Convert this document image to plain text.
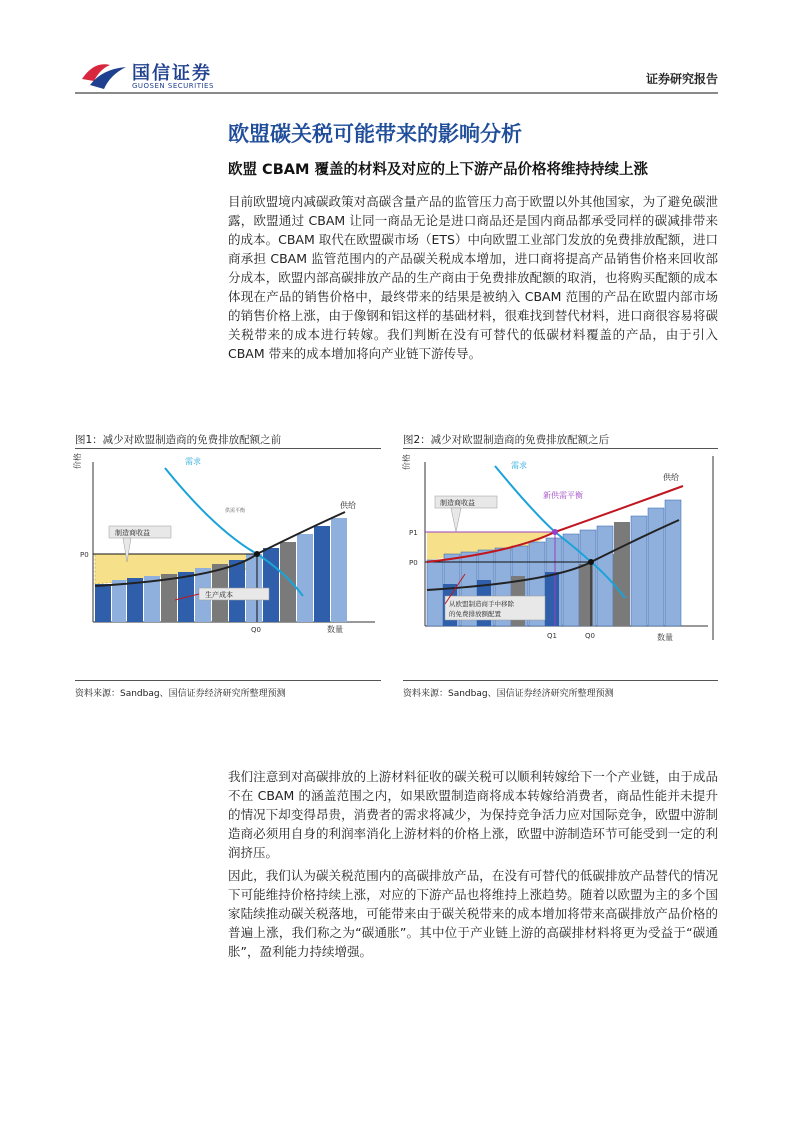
国信证券
GUOSEN SECURITIES	证券研究报告
欧盟碳关税可能带来的影响分析
欧盟 CBAM 覆盖的材料及对应的上下游产品价格将维持持续上涨
目前欧盟境内减碳政策对高碳含量产品的监管压力高于欧盟以外其他国家，为了避免碳泄露，欧盟通过 CBAM 让同一商品无论是进口商品还是国内商品都承受同样的碳减排带来的成本。CBAM 取代在欧盟碳市场（ETS）中向欧盟工业部门发放的免费排放配额，进口商承担 CBAM 监管范围内的产品碳关税成本增加，进口商将提高产品销售价格来回收部分成本，欧盟内部高碳排放产品的生产商由于免费排放配额的取消，也将购买配额的成本体现在产品的销售价格中，最终带来的结果是被纳入 CBAM 范围的产品在欧盟内部市场的销售价格上涨，由于像钢和铝这样的基础材料，很难找到替代材料，进口商很容易将碳关税带来的成本进行转嫁。我们判断在没有可替代的低碳材料覆盖的产品，由于引入 CBAM 带来的成本增加将向产业链下游传导。
图1：减少对欧盟制造商的免费排放配额之前
价格
数量
需求
供给
供需平衡
P0
Q0
制造商收益
生产成本
资料来源：Sandbag、国信证券经济研究所整理预测
图2：减少对欧盟制造商的免费排放配额之后
价格
数量
需求
新供需平衡
供给
P1
P0
Q1	Q0
制造商收益
从欧盟制造商手中移除
的免费排放额配置
资料来源：Sandbag、国信证券经济研究所整理预测
我们注意到对高碳排放的上游材料征收的碳关税可以顺利转嫁给下一个产业链，由于成品不在 CBAM 的涵盖范围之内，如果欧盟制造商将成本转嫁给消费者，商品性能并未提升的情况下却变得昂贵，消费者的需求将减少，为保持竞争活力应对国际竞争，欧盟中游制造商必须用自身的利润率消化上游材料的价格上涨，欧盟中游制造环节可能受到一定的利润挤压。
因此，我们认为碳关税范围内的高碳排放产品，在没有可替代的低碳排放产品替代的情况下可能维持价格持续上涨，对应的下游产品也将维持上涨趋势。随着以欧盟为主的多个国家陆续推动碳关税落地，可能带来由于碳关税带来的成本增加将带来高碳排放产品价格的普遍上涨，我们称之为“碳通胀”。其中位于产业链上游的高碳排材料将更为受益于“碳通胀”，盈利能力持续增强。
